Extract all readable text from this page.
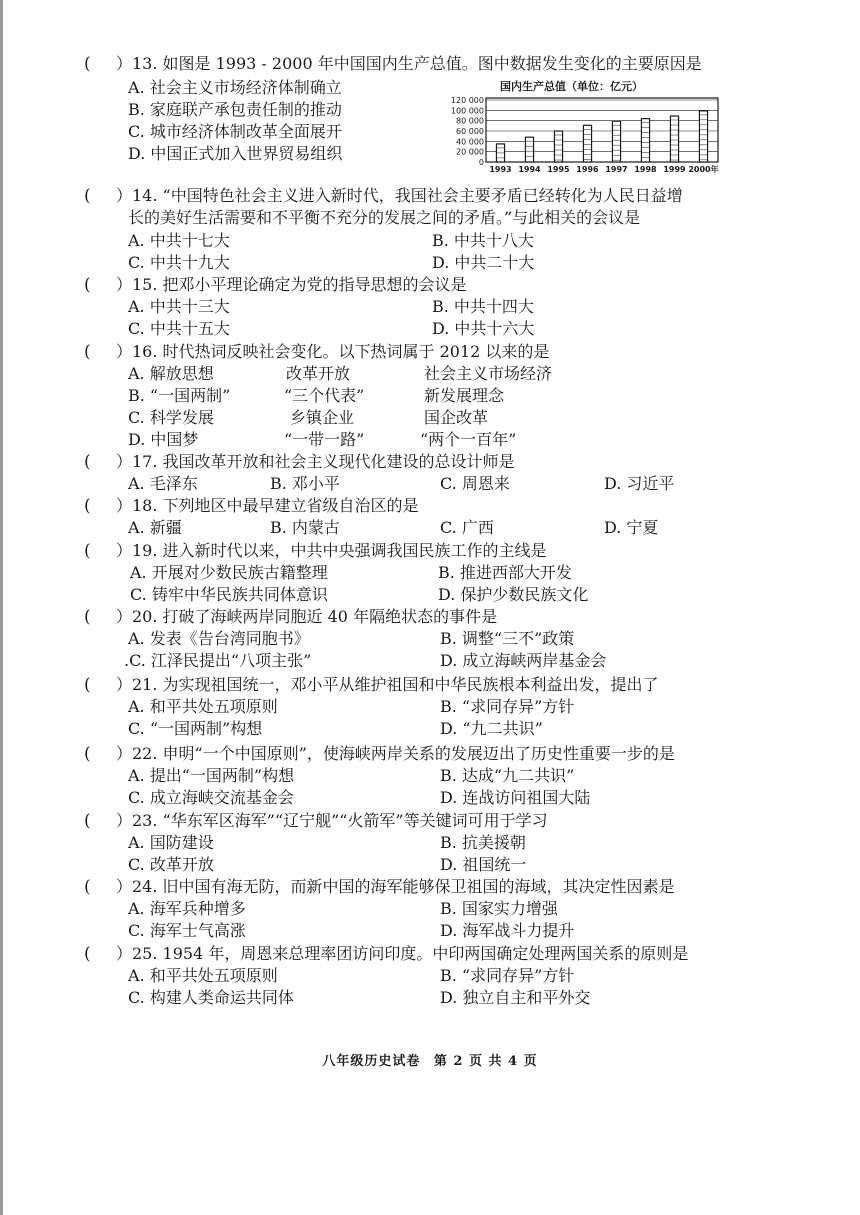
( ）13. 如图是 1993 - 2000 年中国国内生产总值。图中数据发生变化的主要原因是
A. 社会主义市场经济体制确立
B. 家庭联产承包责任制的推动
C. 城市经济体制改革全面展开
D. 中国正式加入世界贸易组织
国内生产总值（单位：亿元）
120 000
100 000
80 000
60 000
40 000
20 000
0
1993 1994 1995 1996 1997 1998 1999 2000年
( ）14. “中国特色社会主义进入新时代，我国社会主要矛盾已经转化为人民日益增
长的美好生活需要和不平衡不充分的发展之间的矛盾。”与此相关的会议是
A. 中共十七大	B. 中共十八大
C. 中共十九大	D. 中共二十大
( ）15. 把邓小平理论确定为党的指导思想的会议是
A. 中共十三大	B. 中共十四大
C. 中共十五大	D. 中共十六大
( ）16. 时代热词反映社会变化。以下热词属于 2012 以来的是
A. 解放思想	改革开放	社会主义市场经济
B. “一国两制”	“三个代表”	新发展理念
C. 科学发展	乡镇企业	国企改革
D. 中国梦	“一带一路”	“两个一百年”
( ）17. 我国改革开放和社会主义现代化建设的总设计师是
A. 毛泽东	B. 邓小平	C. 周恩来	D. 习近平
( ）18. 下列地区中最早建立省级自治区的是
A. 新疆	B. 内蒙古	C. 广西	D. 宁夏
( ）19. 进入新时代以来，中共中央强调我国民族工作的主线是
A. 开展对少数民族古籍整理	B. 推进西部大开发
C. 铸牢中华民族共同体意识	D. 保护少数民族文化
( ）20. 打破了海峡两岸同胞近 40 年隔绝状态的事件是
A. 发表《告台湾同胞书》	B. 调整“三不”政策
.C. 江泽民提出“八项主张”	D. 成立海峡两岸基金会
( ）21. 为实现祖国统一，邓小平从维护祖国和中华民族根本利益出发，提出了
A. 和平共处五项原则	B. “求同存异”方针
C. “一国两制”构想	D. “九二共识”
( ）22. 申明“一个中国原则”，使海峡两岸关系的发展迈出了历史性重要一步的是
A. 提出“一国两制”构想	B. 达成“九二共识”
C. 成立海峡交流基金会	D. 连战访问祖国大陆
( ）23. “华东军区海军”“辽宁舰”“火箭军”等关键词可用于学习
A. 国防建设	B. 抗美援朝
C. 改革开放	D. 祖国统一
( ）24. 旧中国有海无防，而新中国的海军能够保卫祖国的海域，其决定性因素是
A. 海军兵种增多	B. 国家实力增强
C. 海军士气高涨	D. 海军战斗力提升
( ）25. 1954 年，周恩来总理率团访问印度。中印两国确定处理两国关系的原则是
A. 和平共处五项原则	B. “求同存异”方针
C. 构建人类命运共同体	D. 独立自主和平外交
八年级历史试卷 第 2 页 共 4 页
